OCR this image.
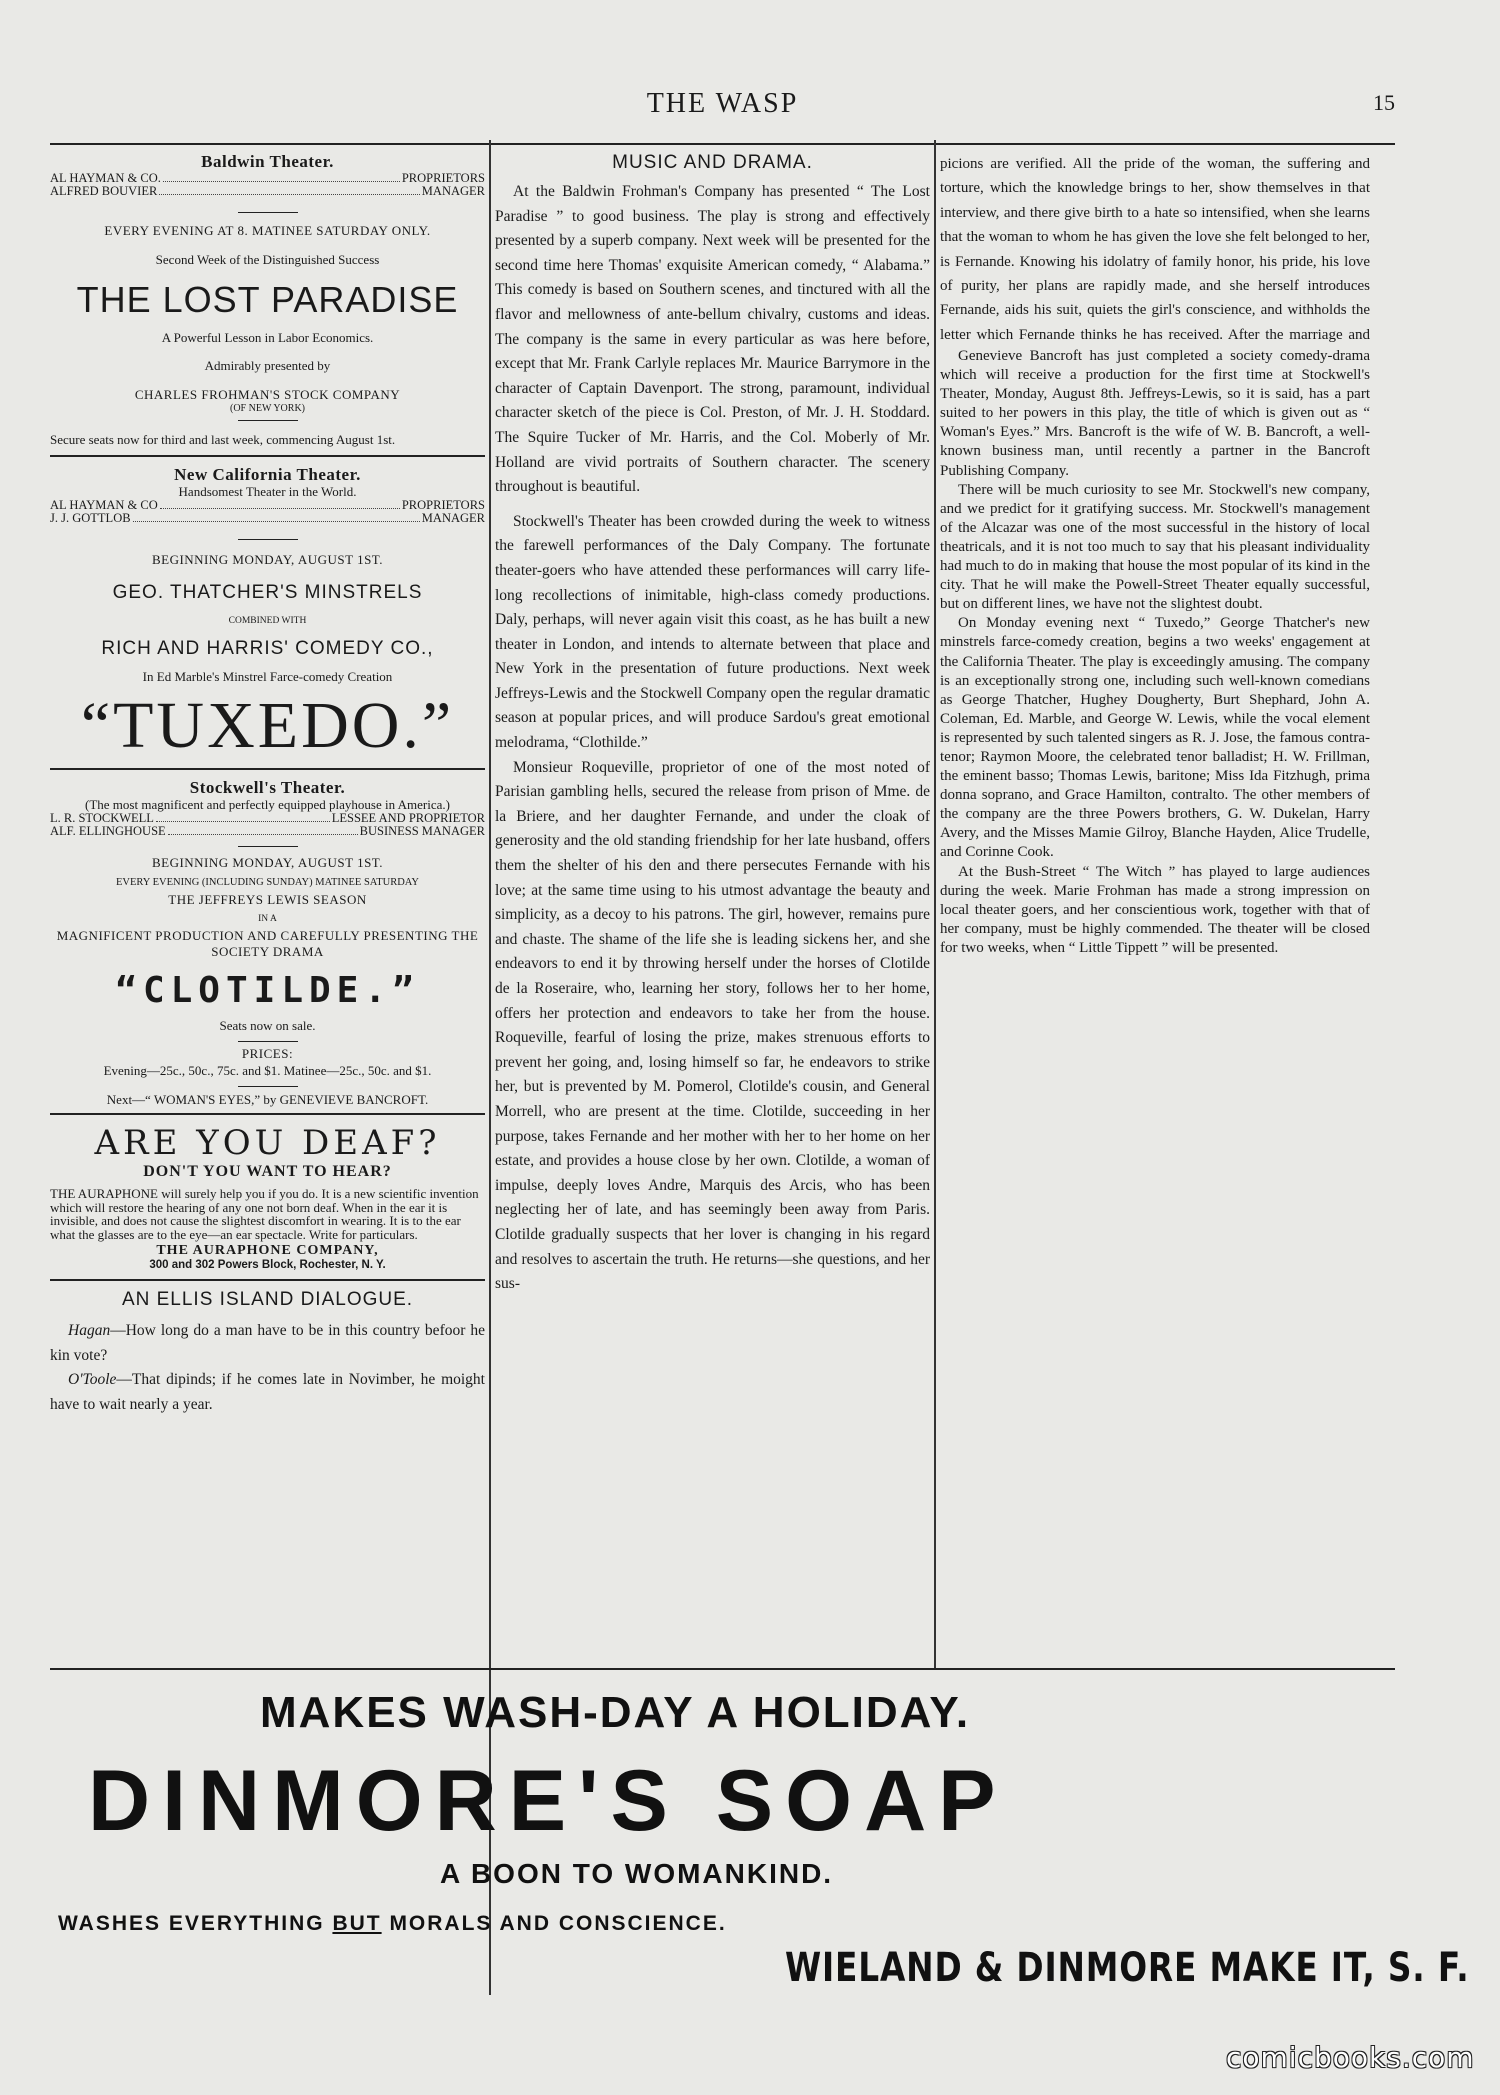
THE WASP	15
Baldwin Theater.
AL HAYMAN & CO.	PROPRIETORS
ALFRED BOUVIER	MANAGER
EVERY EVENING AT 8. MATINEE SATURDAY ONLY.
Second Week of the Distinguished Success
THE LOST PARADISE
A Powerful Lesson in Labor Economics.
Admirably presented by
CHARLES FROHMAN'S STOCK COMPANY
(OF NEW YORK)
Secure seats now for third and last week, commencing August 1st.
New California Theater.
Handsomest Theater in the World.
AL HAYMAN & CO	PROPRIETORS
J. J. GOTTLOB	MANAGER
BEGINNING MONDAY, AUGUST 1ST.
GEO. THATCHER'S MINSTRELS
COMBINED WITH
RICH AND HARRIS' COMEDY CO.,
In Ed Marble's Minstrel Farce-comedy Creation
“TUXEDO.”
Stockwell's Theater.
(The most magnificent and perfectly equipped playhouse in America.)
L. R. STOCKWELL	LESSEE AND PROPRIETOR
ALF. ELLINGHOUSE	BUSINESS MANAGER
BEGINNING MONDAY, AUGUST 1ST.
EVERY EVENING (INCLUDING SUNDAY) MATINEE SATURDAY
THE JEFFREYS LEWIS SEASON
IN A
MAGNIFICENT PRODUCTION AND CAREFULLY PRESENTING THE SOCIETY DRAMA
“CLOTILDE.”
Seats now on sale.
PRICES:
Evening—25c., 50c., 75c. and $1. Matinee—25c., 50c. and $1.
Next—“ WOMAN'S EYES,” by GENEVIEVE BANCROFT.
ARE YOU DEAF?
DON'T YOU WANT TO HEAR?
THE AURAPHONE will surely help you if you do. It is a new scientific invention which will restore the hearing of any one not born deaf. When in the ear it is invisible, and does not cause the slightest discomfort in wearing. It is to the ear what the glasses are to the eye—an ear spectacle. Write for particulars.
THE AURAPHONE COMPANY,
300 and 302 Powers Block, Rochester, N. Y.
AN ELLIS ISLAND DIALOGUE.

Hagan—How long do a man have to be in this country befoor he kin vote?

O'Toole—That dipinds; if he comes late in Novimber, he moight have to wait nearly a year.

MUSIC AND DRAMA.

At the Baldwin Frohman's Company has presented “ The Lost Paradise ” to good business. The play is strong and effectively presented by a superb company. Next week will be presented for the second time here Thomas' exquisite American comedy, “ Alabama.” This comedy is based on Southern scenes, and tinctured with all the flavor and mellowness of ante-bellum chivalry, customs and ideas. The company is the same in every particular as was here before, except that Mr. Frank Carlyle replaces Mr. Maurice Barrymore in the character of Captain Davenport. The strong, paramount, individual character sketch of the piece is Col. Preston, of Mr. J. H. Stoddard. The Squire Tucker of Mr. Harris, and the Col. Moberly of Mr. Holland are vivid portraits of Southern character. The scenery throughout is beautiful.

Stockwell's Theater has been crowded during the week to witness the farewell performances of the Daly Company. The fortunate theater-goers who have attended these performances will carry life-long recollections of inimitable, high-class comedy productions. Daly, perhaps, will never again visit this coast, as he has built a new theater in London, and intends to alternate between that place and New York in the presentation of future productions. Next week Jeffreys-Lewis and the Stockwell Company open the regular dramatic season at popular prices, and will produce Sardou's great emotional melodrama, “Clothilde.”

Monsieur Roqueville, proprietor of one of the most noted of Parisian gambling hells, secured the release from prison of Mme. de la Briere, and her daughter Fernande, and under the cloak of generosity and the old standing friendship for her late husband, offers them the shelter of his den and there persecutes Fernande with his love; at the same time using to his utmost advantage the beauty and simplicity, as a decoy to his patrons. The girl, however, remains pure and chaste. The shame of the life she is leading sickens her, and she endeavors to end it by throwing herself under the horses of Clotilde de la Roseraire, who, learning her story, follows her to her home, offers her protection and endeavors to take her from the house. Roqueville, fearful of losing the prize, makes strenuous efforts to prevent her going, and, losing himself so far, he endeavors to strike her, but is prevented by M. Pomerol, Clotilde's cousin, and General Morrell, who are present at the time. Clotilde, succeeding in her purpose, takes Fernande and her mother with her to her home on her estate, and provides a house close by her own. Clotilde, a woman of impulse, deeply loves Andre, Marquis des Arcis, who has been neglecting her of late, and has seemingly been away from Paris. Clotilde gradually suspects that her lover is changing in his regard and resolves to ascertain the truth. He returns—she questions, and her sus-

picions are verified. All the pride of the woman, the suffering and torture, which the knowledge brings to her, show themselves in that interview, and there give birth to a hate so intensified, when she learns that the woman to whom he has given the love she felt belonged to her, is Fernande. Knowing his idolatry of family honor, his pride, his love of purity, her plans are rapidly made, and she herself introduces Fernande, aids his suit, quiets the girl's conscience, and withholds the letter which Fernande thinks he has received. After the marriage and

Genevieve Bancroft has just completed a society comedy-drama which will receive a production for the first time at Stockwell's Theater, Monday, August 8th. Jeffreys-Lewis, so it is said, has a part suited to her powers in this play, the title of which is given out as “ Woman's Eyes.” Mrs. Bancroft is the wife of W. B. Bancroft, a well-known business man, until recently a partner in the Bancroft Publishing Company.

There will be much curiosity to see Mr. Stockwell's new company, and we predict for it gratifying success. Mr. Stockwell's management of the Alcazar was one of the most successful in the history of local theatricals, and it is not too much to say that his pleasant individuality had much to do in making that house the most popular of its kind in the city. That he will make the Powell-Street Theater equally successful, but on different lines, we have not the slightest doubt.

On Monday evening next “ Tuxedo,” George Thatcher's new minstrels farce-comedy creation, begins a two weeks' engagement at the California Theater. The play is exceedingly amusing. The company is an exceptionally strong one, including such well-known comedians as George Thatcher, Hughey Dougherty, Burt Shephard, John A. Coleman, Ed. Marble, and George W. Lewis, while the vocal element is represented by such talented singers as R. J. Jose, the famous contra-tenor; Raymon Moore, the celebrated tenor balladist; H. W. Frillman, the eminent basso; Thomas Lewis, baritone; Miss Ida Fitzhugh, prima donna soprano, and Grace Hamilton, contralto. The other members of the company are the three Powers brothers, G. W. Dukelan, Harry Avery, and the Misses Mamie Gilroy, Blanche Hayden, Alice Trudelle, and Corinne Cook.

At the Bush-Street “ The Witch ” has played to large audiences during the week. Marie Frohman has made a strong impression on local theater goers, and her conscientious work, together with that of her company, must be highly commended. The theater will be closed for two weeks, when “ Little Tippett ” will be presented.

MAKES WASH-DAY A HOLIDAY.
DINMORE'S SOAP
A BOON TO WOMANKIND.
WASHES EVERYTHING BUT MORALS AND CONSCIENCE.
WIELAND & DINMORE MAKE IT, S. F.
comicbooks.com
